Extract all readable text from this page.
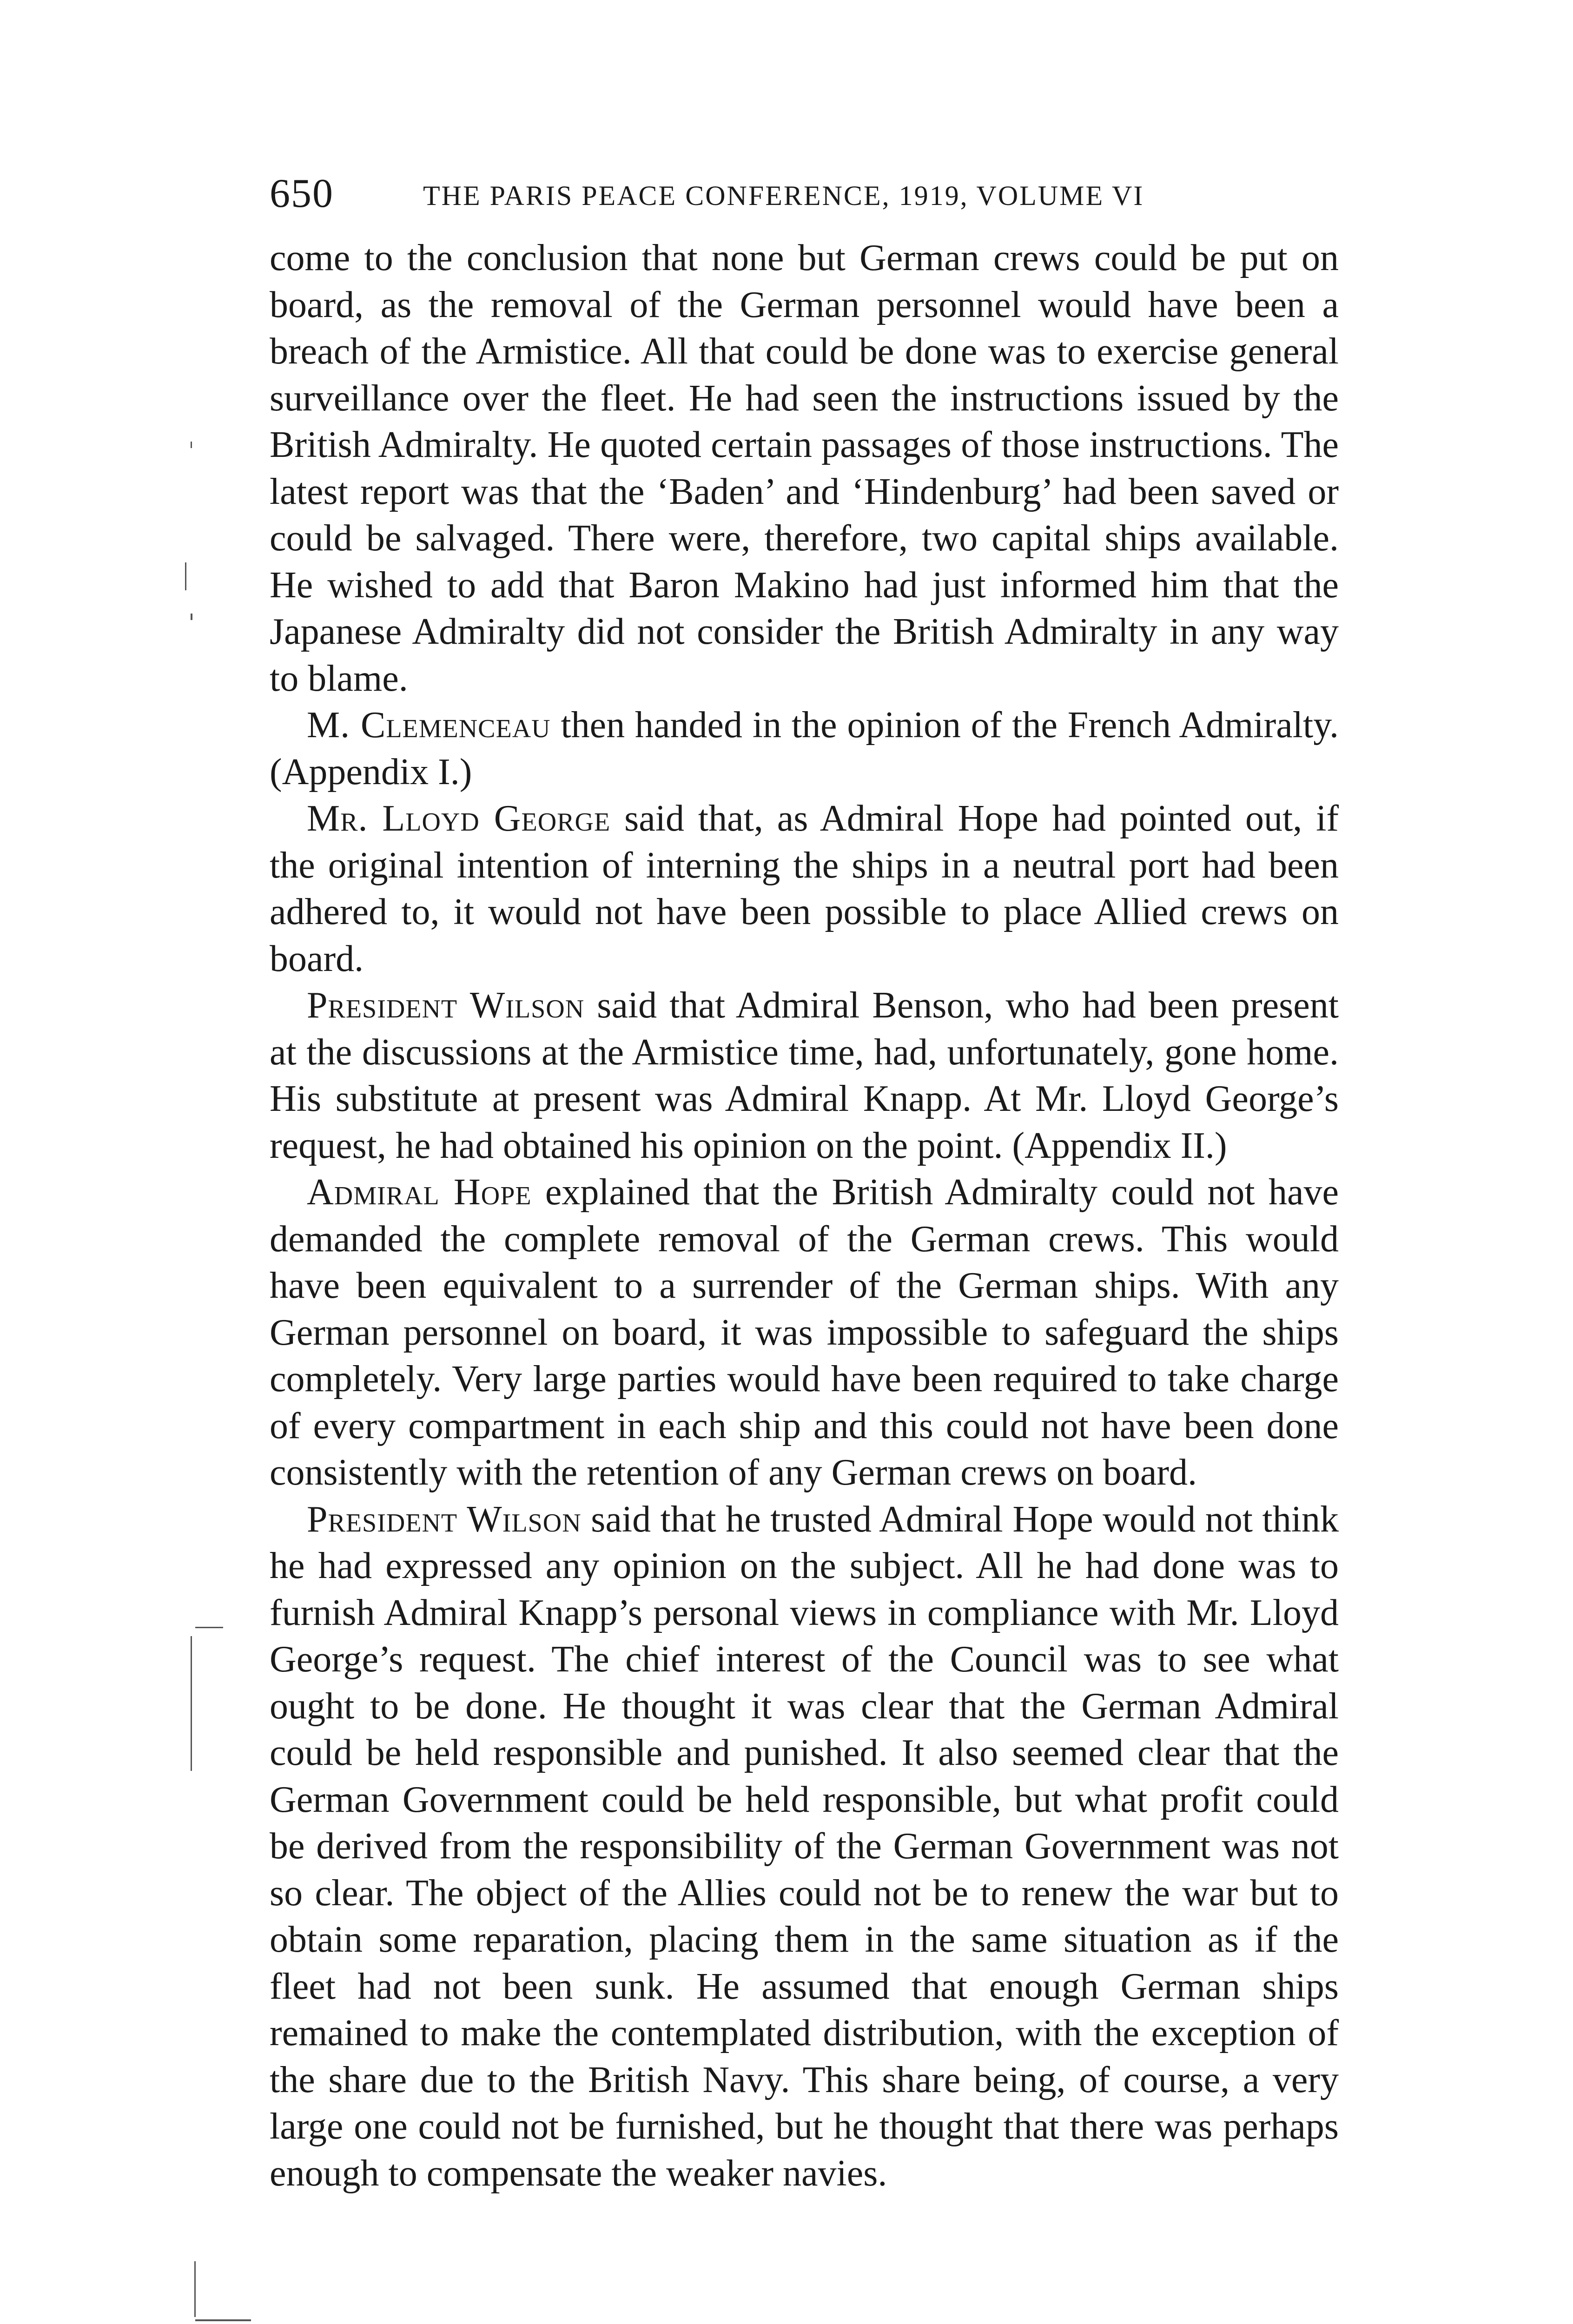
650	THE PARIS PEACE CONFERENCE, 1919, VOLUME VI

come to the conclusion that none but German crews could be put on board, as the removal of the German personnel would have been a breach of the Armistice. All that could be done was to exercise general surveillance over the fleet. He had seen the instructions issued by the British Admiralty. He quoted certain passages of those instructions. The latest report was that the ‘Baden’ and ‘Hindenburg’ had been saved or could be salvaged. There were, therefore, two capital ships available. He wished to add that Baron Makino had just informed him that the Japanese Admiralty did not consider the British Admiralty in any way to blame.

M. Clemenceau then handed in the opinion of the French Admiralty. (Appendix I.)

Mr. Lloyd George said that, as Admiral Hope had pointed out, if the original intention of interning the ships in a neutral port had been adhered to, it would not have been possible to place Allied crews on board.

President Wilson said that Admiral Benson, who had been present at the discussions at the Armistice time, had, unfortunately, gone home. His substitute at present was Admiral Knapp. At Mr. Lloyd George’s request, he had obtained his opinion on the point. (Appendix II.)

Admiral Hope explained that the British Admiralty could not have demanded the complete removal of the German crews. This would have been equivalent to a surrender of the German ships. With any German personnel on board, it was impossible to safeguard the ships completely. Very large parties would have been required to take charge of every compartment in each ship and this could not have been done consistently with the retention of any German crews on board.

President Wilson said that he trusted Admiral Hope would not think he had expressed any opinion on the subject. All he had done was to furnish Admiral Knapp’s personal views in compliance with Mr. Lloyd George’s request. The chief interest of the Council was to see what ought to be done. He thought it was clear that the German Admiral could be held responsible and punished. It also seemed clear that the German Government could be held responsible, but what profit could be derived from the responsibility of the German Government was not so clear. The object of the Allies could not be to renew the war but to obtain some reparation, placing them in the same situation as if the fleet had not been sunk. He assumed that enough German ships remained to make the contemplated distribution, with the exception of the share due to the British Navy. This share being, of course, a very large one could not be furnished, but he thought that there was perhaps enough to compensate the weaker navies.
